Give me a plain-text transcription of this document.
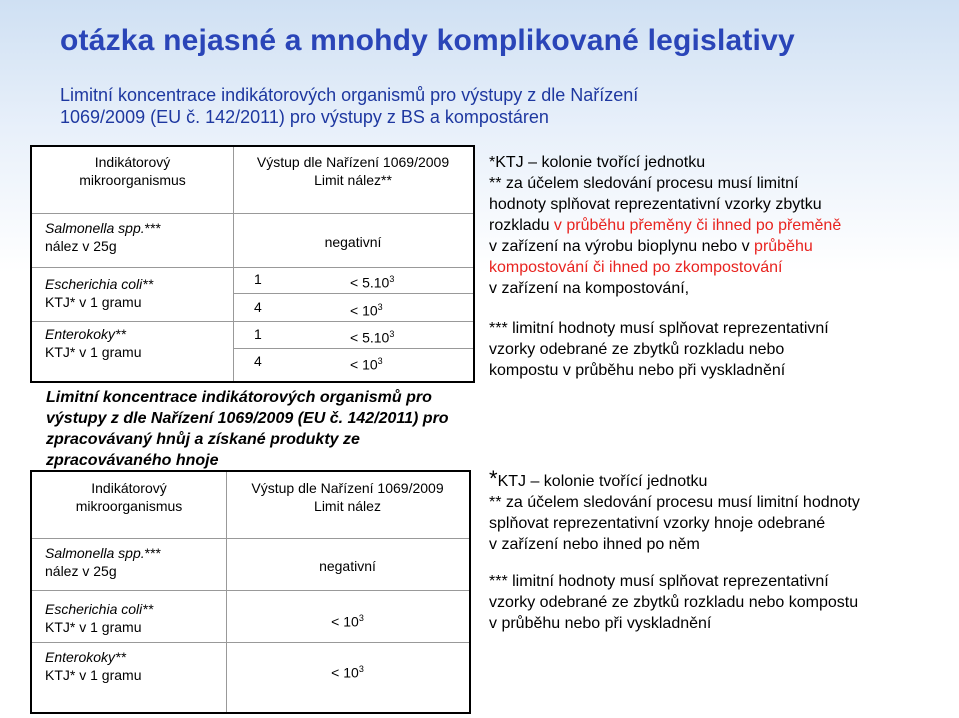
otázka nejasné a mnohdy komplikované legislativy
Limitní koncentrace indikátorových organismů pro výstupy z dle Nařízení 1069/2009 (EU č. 142/2011) pro výstupy z BS a kompostáren
Indikátorový
mikroorganismus
Výstup dle Nařízení 1069/2009
Limit nález**
Salmonella spp.***
nález v 25g	negativní
Escherichia coli**
KTJ* v 1 gramu
1	< $5.10^3$
4	< $10^3$
Enterokoky**
KTJ* v 1 gramu
1	< $5.10^3$
4	< $10^3$
Limitní koncentrace indikátorových organismů pro výstupy z dle Nařízení 1069/2009 (EU č. 142/2011) pro zpracovávaný hnůj a získané produkty ze zpracovávaného hnoje
Indikátorový
mikroorganismus
Výstup dle Nařízení 1069/2009
Limit nález
Salmonella spp.***
nález v 25g	negativní
Escherichia coli**
KTJ* v 1 gramu	< $10^3$
Enterokoky**
KTJ* v 1 gramu	< $10^3$
*KTJ – kolonie tvořící jednotku
** za účelem sledování procesu musí limitní
hodnoty splňovat reprezentativní vzorky zbytku
rozkladu v průběhu přeměny či ihned po přeměně
v zařízení na výrobu bioplynu nebo v průběhu
kompostování či ihned po zkompostování
v zařízení na kompostování,
*** limitní hodnoty musí splňovat reprezentativní
vzorky odebrané ze zbytků rozkladu nebo
kompostu v průběhu nebo při vyskladnění
*KTJ – kolonie tvořící jednotku
** za účelem sledování procesu musí limitní hodnoty
splňovat reprezentativní vzorky hnoje odebrané
v zařízení nebo ihned po něm
*** limitní hodnoty musí splňovat reprezentativní
vzorky odebrané ze zbytků rozkladu nebo kompostu
v průběhu nebo při vyskladnění
